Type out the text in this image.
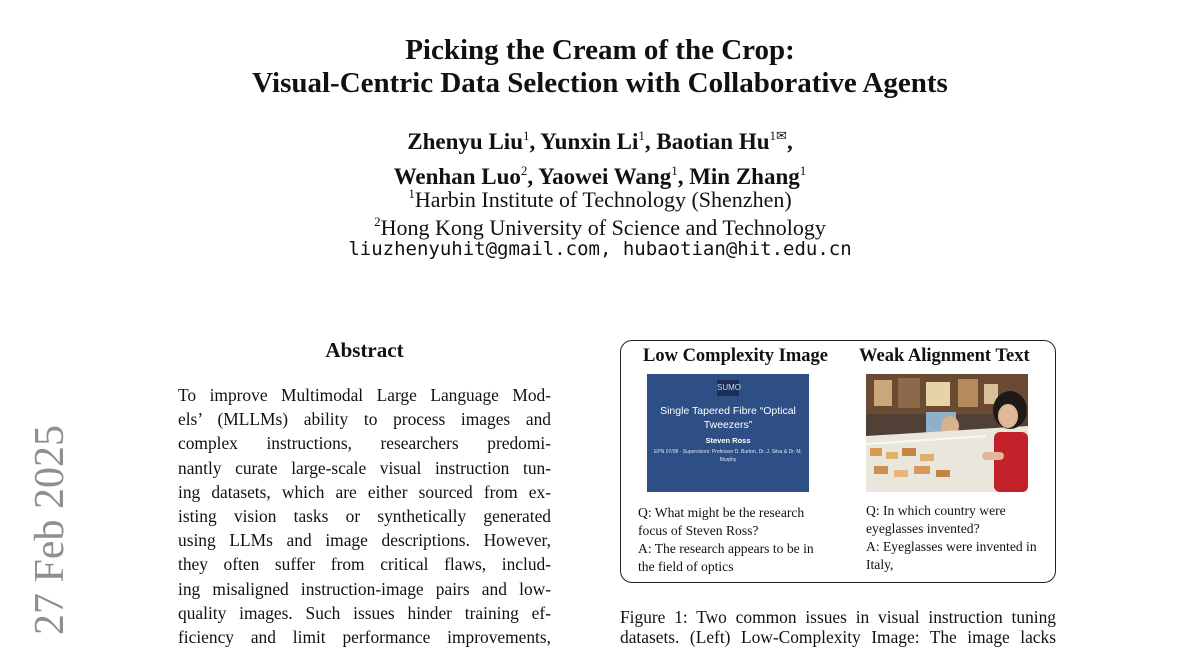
27 Feb 2025
Picking the Cream of the Crop:
Visual-Centric Data Selection with Collaborative Agents
Zhenyu Liu$^1$, Yunxin Li$^1$, Baotian $Hu^{1✉}$,
Wenhan Luo$^2$, Yaowei Wang$^1$, Min Zhang$^1$
$^1$Harbin Institute of Technology (Shenzhen)
$^2$Hong Kong University of Science and Technology
liuzhenyuhit@gmail.com, hubaotian@hit.edu.cn
Abstract
To improve Multimodal Large Language Mod-
els’ (MLLMs) ability to process images and
complex instructions, researchers predomi-
nantly curate large-scale visual instruction tun-
ing datasets, which are either sourced from ex-
isting vision tasks or synthetically generated
using LLMs and image descriptions. However,
they often suffer from critical flaws, includ-
ing misaligned instruction-image pairs and low-
quality images. Such issues hinder training ef-
ficiency and limit performance improvements,
Low Complexity Image Weak Alignment Text
SUMO
Single Tapered Fibre “Optical Tweezers”
Steven Ross
EPN 07/08 · Supervisors: Professor D. Burton, Dr. J. Silva & Dr. M. Murphy
Q: What might be the research focus of Steven Ross?
A: The research appears to be in the field of optics
Q: In which country were eyeglasses invented?
A: Eyeglasses were invented in Italy,
Figure 1: Two common issues in visual instruction tuning
datasets. (Left) Low-Complexity Image: The image lacks
